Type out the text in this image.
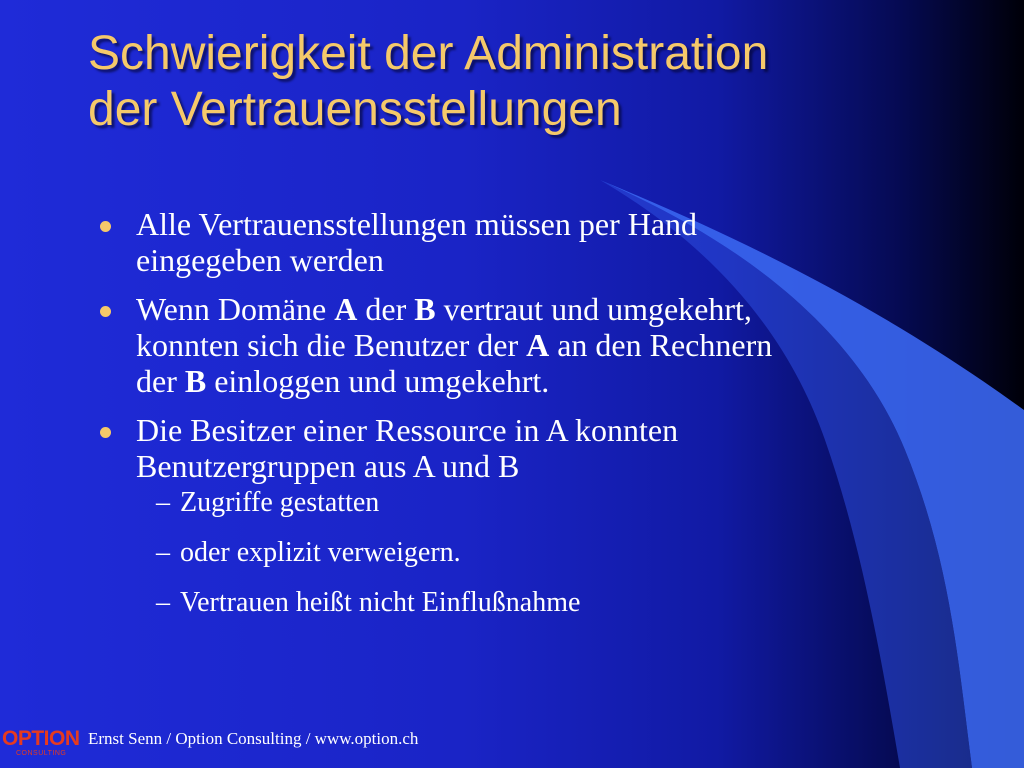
Schwierigkeit der Administration
der Vertrauensstellungen
Alle Vertrauensstellungen müssen per Hand
eingegeben werden
Wenn Domäne A der B vertraut und umgekehrt,
konnten sich die Benutzer der A an den Rechnern
der B einloggen und umgekehrt.
Die Besitzer einer Ressource in A konnten
Benutzergruppen aus A und B
– Zugriffe gestatten
– oder explizit verweigern.
– Vertrauen heißt nicht Einflußnahme
OPTION
CONSULTING
Ernst Senn / Option Consulting / www.option.ch
